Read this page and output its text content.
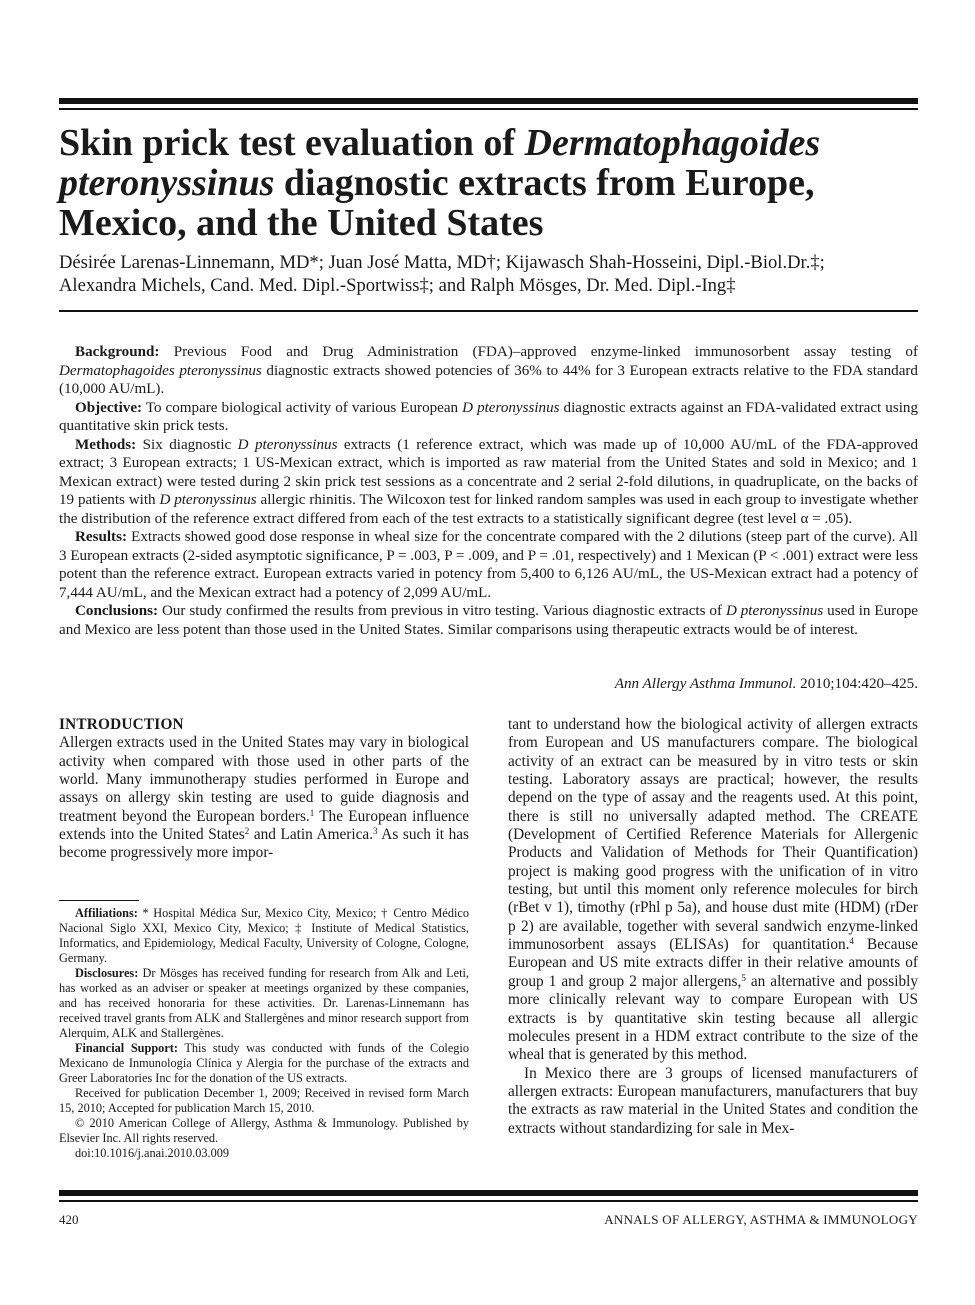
Skin prick test evaluation of Dermatophagoides pteronyssinus diagnostic extracts from Europe, Mexico, and the United States
Désirée Larenas-Linnemann, MD*; Juan José Matta, MD†; Kijawasch Shah-Hosseini, Dipl.-Biol.Dr.‡;
Alexandra Michels, Cand. Med. Dipl.-Sportwiss‡; and Ralph Mösges, Dr. Med. Dipl.-Ing‡

Background: Previous Food and Drug Administration (FDA)–approved enzyme-linked immunosorbent assay testing of Dermatophagoides pteronyssinus diagnostic extracts showed potencies of 36% to 44% for 3 European extracts relative to the FDA standard (10,000 AU/mL).

Objective: To compare biological activity of various European D pteronyssinus diagnostic extracts against an FDA-validated extract using quantitative skin prick tests.

Methods: Six diagnostic D pteronyssinus extracts (1 reference extract, which was made up of 10,000 AU/mL of the FDA-approved extract; 3 European extracts; 1 US-Mexican extract, which is imported as raw material from the United States and sold in Mexico; and 1 Mexican extract) were tested during 2 skin prick test sessions as a concentrate and 2 serial 2-fold dilutions, in quadruplicate, on the backs of 19 patients with D pteronyssinus allergic rhinitis. The Wilcoxon test for linked random samples was used in each group to investigate whether the distribution of the reference extract differed from each of the test extracts to a statistically significant degree (test level α = .05).

Results: Extracts showed good dose response in wheal size for the concentrate compared with the 2 dilutions (steep part of the curve). All 3 European extracts (2-sided asymptotic significance, P = .003, P = .009, and P = .01, respectively) and 1 Mexican (P < .001) extract were less potent than the reference extract. European extracts varied in potency from 5,400 to 6,126 AU/mL, the US-Mexican extract had a potency of 7,444 AU/mL, and the Mexican extract had a potency of 2,099 AU/mL.

Conclusions: Our study confirmed the results from previous in vitro testing. Various diagnostic extracts of D pteronyssinus used in Europe and Mexico are less potent than those used in the United States. Similar comparisons using therapeutic extracts would be of interest.

Ann Allergy Asthma Immunol. 2010;104:420–425.
INTRODUCTION

Allergen extracts used in the United States may vary in biological activity when compared with those used in other parts of the world. Many immunotherapy studies performed in Europe and assays on allergy skin testing are used to guide diagnosis and treatment beyond the European borders.$^1$ The European influence extends into the United States$^2$ and Latin America.$^3$ As such it has become progressively more impor-

Affiliations: * Hospital Médica Sur, Mexico City, Mexico; † Centro Médico Nacional Siglo XXI, Mexico City, Mexico; ‡ Institute of Medical Statistics, Informatics, and Epidemiology, Medical Faculty, University of Cologne, Cologne, Germany.

Disclosures: Dr Mösges has received funding for research from Alk and Leti, has worked as an adviser or speaker at meetings organized by these companies, and has received honoraria for these activities. Dr. Larenas-Linnemann has received travel grants from ALK and Stallergènes and minor research support from Alerquim, ALK and Stallergènes.

Financial Support: This study was conducted with funds of the Colegio Mexicano de Inmunología Clínica y Alergia for the purchase of the extracts and Greer Laboratories Inc for the donation of the US extracts.

Received for publication December 1, 2009; Received in revised form March 15, 2010; Accepted for publication March 15, 2010.

© 2010 American College of Allergy, Asthma & Immunology. Published by Elsevier Inc. All rights reserved.

doi:10.1016/j.anai.2010.03.009

tant to understand how the biological activity of allergen extracts from European and US manufacturers compare. The biological activity of an extract can be measured by in vitro tests or skin testing. Laboratory assays are practical; however, the results depend on the type of assay and the reagents used. At this point, there is still no universally adapted method. The CREATE (Development of Certified Reference Materials for Allergenic Products and Validation of Methods for Their Quantification) project is making good progress with the unification of in vitro testing, but until this moment only reference molecules for birch (rBet v 1), timothy (rPhl p 5a), and house dust mite (HDM) (rDer p 2) are available, together with several sandwich enzyme-linked immunosorbent assays (ELISAs) for quantitation.$^4$ Because European and US mite extracts differ in their relative amounts of group 1 and group 2 major allergens,$^5$ an alternative and possibly more clinically relevant way to compare European with US extracts is by quantitative skin testing because all allergic molecules present in a HDM extract contribute to the size of the wheal that is generated by this method.

In Mexico there are 3 groups of licensed manufacturers of allergen extracts: European manufacturers, manufacturers that buy the extracts as raw material in the United States and condition the extracts without standardizing for sale in Mex-

420	ANNALS OF ALLERGY, ASTHMA & IMMUNOLOGY
